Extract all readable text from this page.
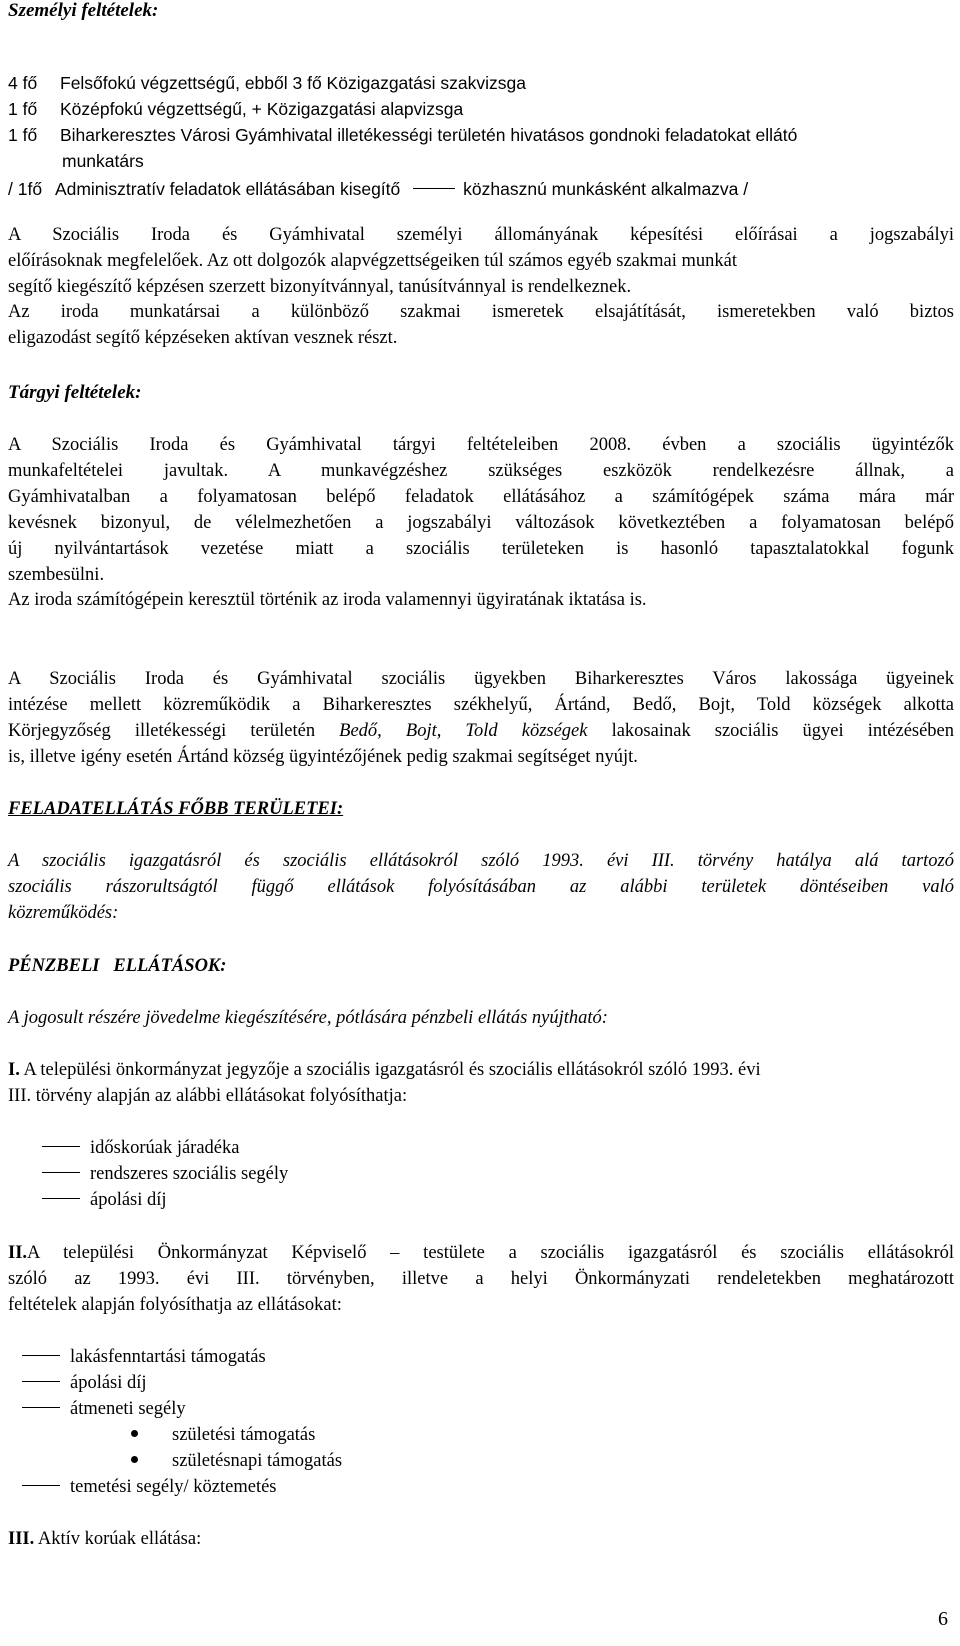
Személyi feltételek:
4 fő Felsőfokú végzettségű, ebből 3 fő Közigazgatási szakvizsga
1 fő Középfokú végzettségű, + Közigazgatási alapvizsga
1 fő Biharkeresztes Városi Gyámhivatal illetékességi területén hivatásos gondnoki feladatokat ellátó
munkatárs
/ 1fő Adminisztratív feladatok ellátásában kisegítő	közhasznú munkásként alkalmazva /
A Szociális Iroda és Gyámhivatal személyi állományának képesítési előírásai a jogszabályi
előírásoknak megfelelőek. Az ott dolgozók alapvégzettségeiken túl számos egyéb szakmai munkát
segítő kiegészítő képzésen szerzett bizonyítvánnyal, tanúsítvánnyal is rendelkeznek.
Az iroda munkatársai a különböző szakmai ismeretek elsajátítását, ismeretekben való biztos
eligazodást segítő képzéseken aktívan vesznek részt.
Tárgyi feltételek:
A Szociális Iroda és Gyámhivatal tárgyi feltételeiben 2008. évben a szociális ügyintézők
munkafeltételei javultak. A munkavégzéshez szükséges eszközök rendelkezésre állnak, a
Gyámhivatalban a folyamatosan belépő feladatok ellátásához a számítógépek száma mára már
kevésnek bizonyul, de vélelmezhetően a jogszabályi változások következtében a folyamatosan belépő
új nyilvántartások vezetése miatt a szociális területeken is hasonló tapasztalatokkal fogunk
szembesülni.
Az iroda számítógépein keresztül történik az iroda valamennyi ügyiratának iktatása is.
A Szociális Iroda és Gyámhivatal szociális ügyekben Biharkeresztes Város lakossága ügyeinek
intézése mellett közreműködik a Biharkeresztes székhelyű, Ártánd, Bedő, Bojt, Told községek alkotta
Körjegyzőség illetékességi területén Bedő, Bojt, Told községek lakosainak szociális ügyei intézésében
is, illetve igény esetén Ártánd község ügyintézőjének pedig szakmai segítséget nyújt.
FELADATELLÁTÁS FŐBB TERÜLETEI:
A szociális igazgatásról és szociális ellátásokról szóló 1993. évi III. törvény hatálya alá tartozó
szociális rászorultságtól függő ellátások folyósításában az alábbi területek döntéseiben való
közreműködés:
PÉNZBELI   ELLÁTÁSOK:
A jogosult részére jövedelme kiegészítésére, pótlására pénzbeli ellátás nyújtható:
I. A települési önkormányzat jegyzője a szociális igazgatásról és szociális ellátásokról szóló 1993. évi
III. törvény alapján az alábbi ellátásokat folyósíthatja:
időskorúak járadéka
rendszeres szociális segély
ápolási díj
II.A települési Önkormányzat Képviselő – testülete a szociális igazgatásról és szociális ellátásokról
szóló az 1993. évi III. törvényben, illetve a helyi Önkormányzati rendeletekben meghatározott
feltételek alapján folyósíthatja az ellátásokat:
lakásfenntartási támogatás
ápolási díj
átmeneti segély
születési támogatás
születésnapi támogatás
temetési segély/ köztemetés
III. Aktív korúak ellátása:
6
